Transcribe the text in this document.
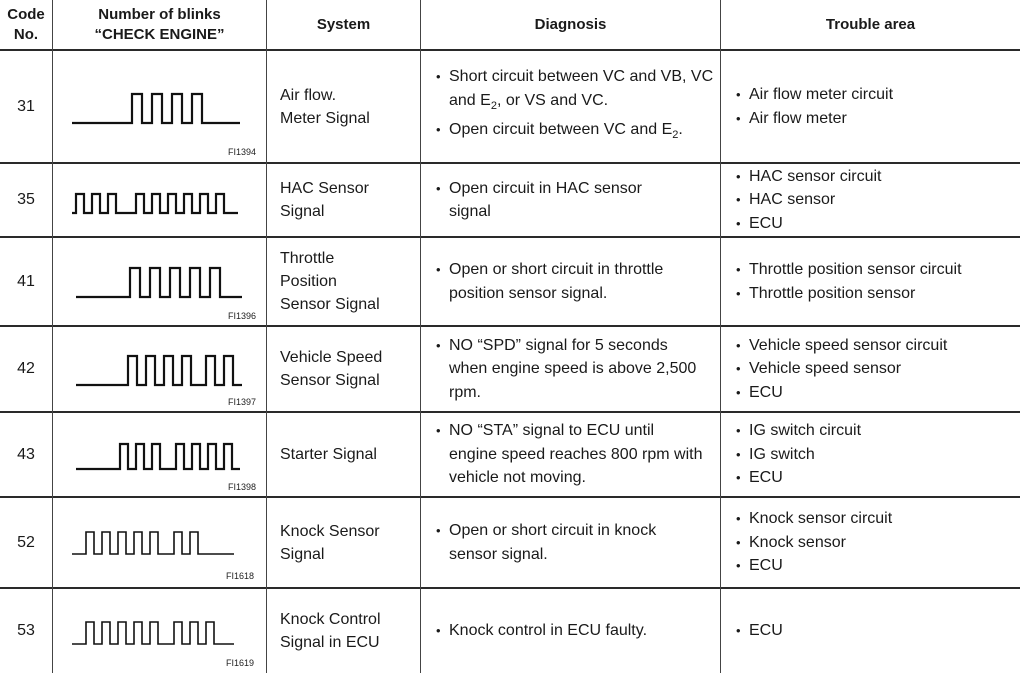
Code
No.
Number of blinks
“CHECK ENGINE”
System	Diagnosis	Trouble area
31
FI1394
Air flow.
Meter Signal
• Short circuit between VC and VB, VC and $E_2$, or VS and VC.
• Open circuit between VC and $E_2$.
• Air flow meter circuit
• Air flow meter
35
HAC Sensor
Signal
• Open circuit in HAC sensor signal
• HAC sensor circuit
• HAC sensor
• ECU
41
FI1396
Throttle
Position
Sensor Signal
• Open or short circuit in throttle position sensor signal.
• Throttle position sensor circuit
• Throttle position sensor
42
FI1397
Vehicle Speed
Sensor Signal
• NO “SPD” signal for 5 seconds when engine speed is above 2,500 rpm.
• Vehicle speed sensor circuit
• Vehicle speed sensor
• ECU
43
FI1398
Starter Signal
• NO “STA” signal to ECU until engine speed reaches 800 rpm with vehicle not moving.
• IG switch circuit
• IG switch
• ECU
52
FI1618
Knock Sensor
Signal
• Open or short circuit in knock sensor signal.
• Knock sensor circuit
• Knock sensor
• ECU
53
FI1619
Knock Control
Signal in ECU
• Knock control in ECU faulty.
•	ECU
